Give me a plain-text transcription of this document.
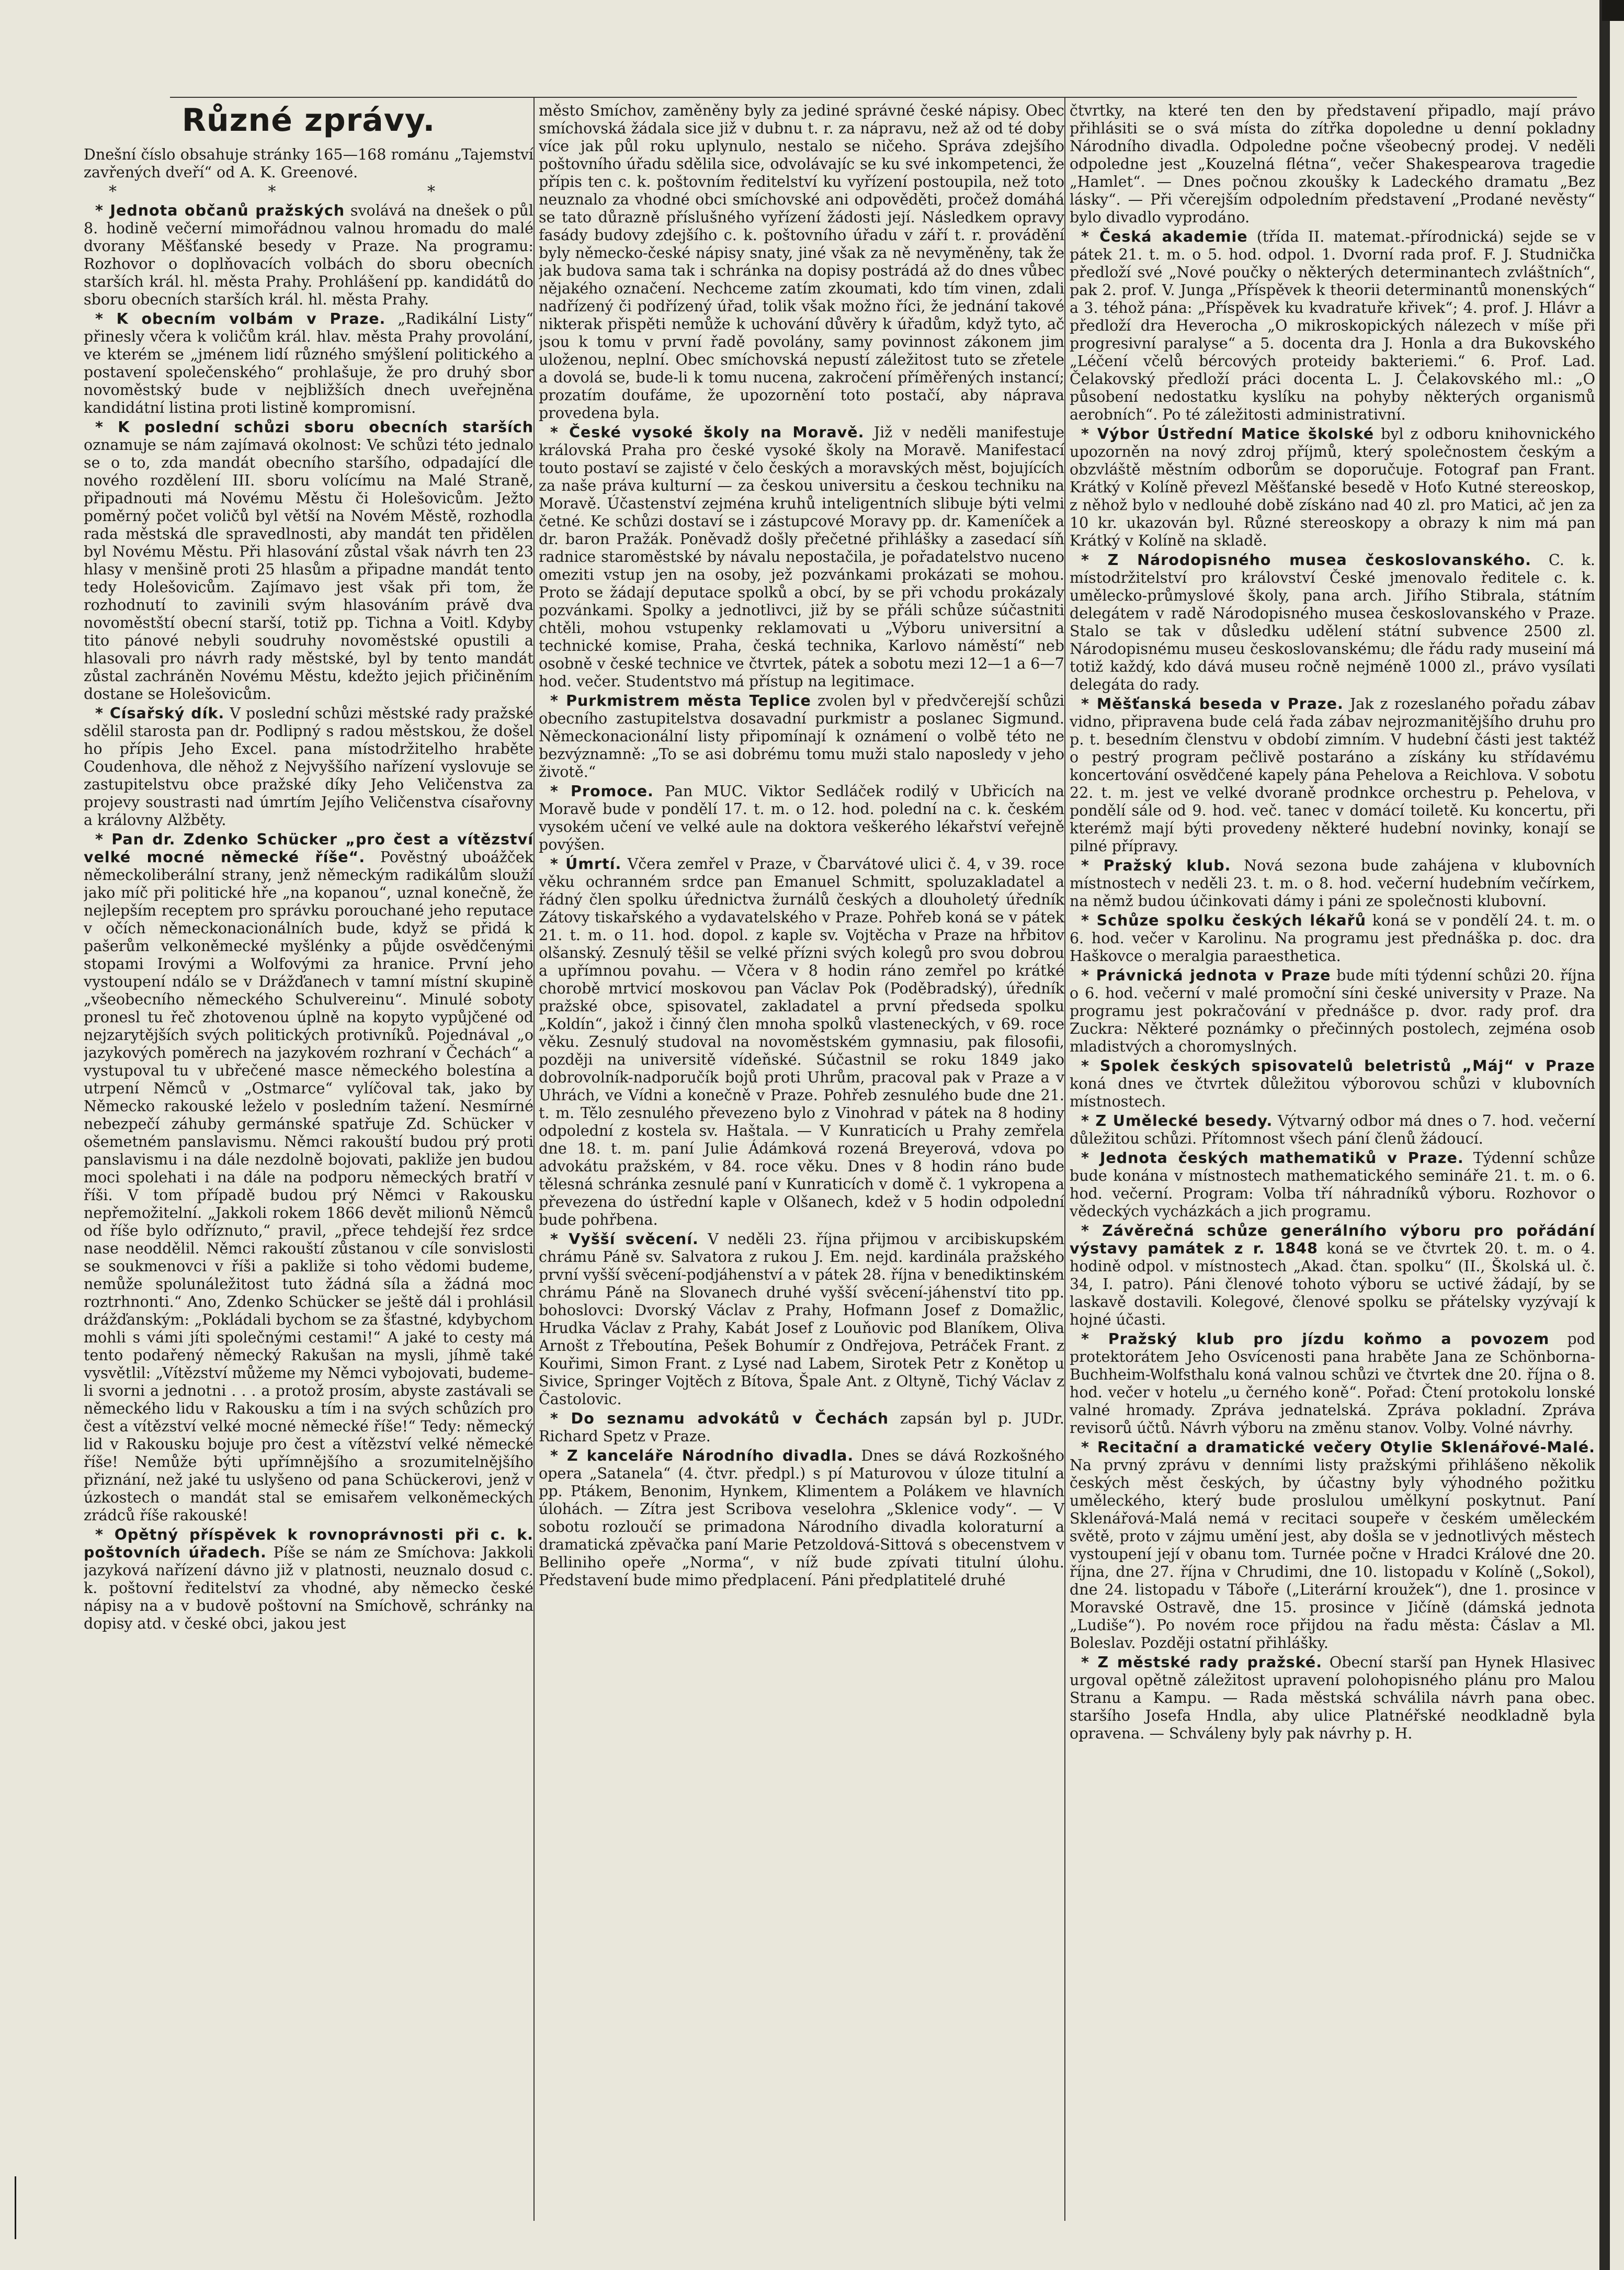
Různé zprávy.

Dnešní číslo obsahuje stránky 165—168 románu „Tajemství zavřených dveří“ od A. K. Greenové.

* * *

* Jednota občanů pražských svolává na dnešek o půl 8. hodině večerní mimořádnou valnou hromadu do malé dvorany Měšťanské besedy v Praze. Na programu: Rozhovor o doplňovacích volbách do sboru obecních starších král. hl. města Prahy. Prohlášení pp. kandidátů do sboru obecních starších král. hl. města Prahy.

* K obecním volbám v Praze. „Radikální Listy“ přinesly včera k voličům král. hlav. města Prahy provolání, ve kterém se „jménem lidí různého smýšlení politického a postavení společenského“ prohlašuje, že pro druhý sbor novoměstský bude v nejbližších dnech uveřejněna kandidátní listina proti listině kompromisní.

* K poslední schůzi sboru obecních starších oznamuje se nám zajímavá okolnost: Ve schůzi této jednalo se o to, zda mandát obecního staršího, odpadající dle nového rozdělení III. sboru volícímu na Malé Straně, připadnouti má Novému Městu či Holešovicům. Ježto poměrný počet voličů byl větší na Novém Městě, rozhodla rada městská dle spravedlnosti, aby mandát ten přidělen byl Novému Městu. Při hlasování zůstal však návrh ten 23 hlasy v menšině proti 25 hlasům a připadne mandát tento tedy Holešovicům. Zajímavo jest však při tom, že rozhodnutí to zavinili svým hlasováním právě dva novoměstští obecní starší, totiž pp. Tichna a Voitl. Kdyby tito pánové nebyli soudruhy novoměstské opustili a hlasovali pro návrh rady městské, byl by tento mandát zůstal zachráněn Novému Městu, kdežto jejich přičiněním dostane se Holešovicům.

* Císařský dík. V poslední schůzi městské rady pražské sdělil starosta pan dr. Podlipný s radou městskou, že došel ho přípis Jeho Excel. pana místodržitelho hraběte Coudenhova, dle něhož z Nejvyššího nařízení vyslovuje se zastupitelstvu obce pražské díky Jeho Veličenstva za projevy soustrasti nad úmrtím Jejího Veličenstva císařovny a královny Alžběty.

* Pan dr. Zdenko Schücker „pro čest a vítězství velké mocné německé říše“. Pověstný uboážček německoliberální strany, jenž německým radikálům slouží jako míč při politické hře „na kopanou“, uznal konečně, že nejlepším receptem pro správku porouchané jeho reputace v očích německonacionálních bude, když se přidá k pašerům velkoněmecké myšlénky a půjde osvědčenými stopami Irovými a Wolfovými za hranice. První jeho vystoupení ndálo se v Drážďanech v tamní místní skupině „všeobecního německého Schulvereinu“. Minulé soboty pronesl tu řeč zhotovenou úplně na kopyto vypůjčené od nejzarytějších svých politických protivníků. Pojednával „o jazykových poměrech na jazykovém rozhraní v Čechách“ a vystupoval tu v ubřečené masce německého bolestína a utrpení Němců v „Ostmarce“ vylíčoval tak, jako by Německo rakouské leželo v posledním tažení. Nesmírné nebezpečí záhuby germánské spatřuje Zd. Schücker v ošemetném panslavismu. Němci rakouští budou prý proti panslavismu i na dále nezdolně bojovati, pakliže jen budou moci spolehati i na dále na podporu německých bratří v říši. V tom případě budou prý Němci v Rakousku nepřemožitelní. „Jakkoli rokem 1866 devět milionů Němců od říše bylo odříznuto,“ pravil, „přece tehdejší řez srdce nase neoddělil. Němci rakouští zůstanou v cíle sonvislosti se soukmenovci v říši a pakliže si toho vědomi budeme, nemůže spolunáležitost tuto žádná síla a žádná moc roztrhnonti.“ Ano, Zdenko Schücker se ještě dál i prohlásil drážďanským: „Pokládali bychom se za šťastné, kdybychom mohli s vámi jíti společnými cestami!“ A jaké to cesty má tento podařený německý Rakušan na mysli, jíhmě také vysvětlil: „Vítězství můžeme my Němci vybojovati, budeme-li svorni a jednotni . . . a protož prosím, abyste zastávali se německého lidu v Rakousku a tím i na svých schůzích pro čest a vítězství velké mocné německé říše!“ Tedy: německý lid v Rakousku bojuje pro čest a vítězství velké německé říše! Nemůže býti upřímnějšího a srozumitelnějšího přiznání, než jaké tu uslyšeno od pana Schückerovi, jenž v úzkostech o mandát stal se emisařem velkoněmeckých zrádců říše rakouské!

* Opětný příspěvek k rovnoprávnosti při c. k. poštovních úřadech. Píše se nám ze Smíchova: Jakkoli jazyková nařízení dávno již v platnosti, neuznalo dosud c. k. poštovní ředitelství za vhodné, aby německo české nápisy na a v budově poštovní na Smíchově, schránky na dopisy atd. v české obci, jakou jest

město Smíchov, zaměněny byly za jediné správné české nápisy. Obec smíchovská žádala sice již v dubnu t. r. za nápravu, než až od té doby více jak půl roku uplynulo, nestalo se ničeho. Správa zdejšího poštovního úřadu sdělila sice, odvolávajíc se ku své inkompetenci, že přípis ten c. k. poštovním ředitelství ku vyřízení postoupila, než toto neuznalo za vhodné obci smíchovské ani odpověděti, pročež domáhá se tato důrazně příslušného vyřízení žádosti její. Následkem opravy fasády budovy zdejšího c. k. poštovního úřadu v září t. r. provádění byly německo-české nápisy snaty, jiné však za ně nevyměněny, tak že jak budova sama tak i schránka na dopisy postrádá až do dnes vůbec nějakého označení. Nechceme zatím zkoumati, kdo tím vinen, zdali nadřízený či podřízený úřad, tolik však možno říci, že jednání takové nikterak přispěti nemůže k uchování důvěry k úřadům, když tyto, ač jsou k tomu v první řadě povolány, samy povinnost zákonem jim uloženou, neplní. Obec smíchovská nepustí záležitost tuto se zřetele a dovolá se, bude-li k tomu nucena, zakročení příměřených instancí; prozatím doufáme, že upozornění toto postačí, aby náprava provedena byla.

* České vysoké školy na Moravě. Již v neděli manifestuje královská Praha pro české vysoké školy na Moravě. Manifestací touto postaví se zajisté v čelo českých a moravských měst, bojujících za naše práva kulturní — za českou universitu a českou techniku na Moravě. Účastenství zejména kruhů inteligentních slibuje býti velmi četné. Ke schůzi dostaví se i zástupcové Moravy pp. dr. Kameníček a dr. baron Pražák. Poněvadž došly přečetné přihlášky a zasedací síň radnice staroměstské by návalu nepostačila, je pořadatelstvo nuceno omeziti vstup jen na osoby, jež pozvánkami prokázati se mohou. Proto se žádají deputace spolků a obcí, by se při vchodu prokázaly pozvánkami. Spolky a jednotlivci, již by se přáli schůze súčastniti chtěli, mohou vstupenky reklamovati u „Výboru universitní a technické komise, Praha, česká technika, Karlovo náměstí“ neb osobně v české technice ve čtvrtek, pátek a sobotu mezi 12—1 a 6—7 hod. večer. Studentstvo má přístup na legitimace.

* Purkmistrem města Teplice zvolen byl v předvčerejší schůzi obecního zastupitelstva dosavadní purkmistr a poslanec Sigmund. Německonacionální listy připomínají k oznámení o volbě této ne bezvýznamně: „To se asi dobrému tomu muži stalo naposledy v jeho životě.“

* Promoce. Pan MUC. Viktor Sedláček rodilý v Ubřicích na Moravě bude v pondělí 17. t. m. o 12. hod. polední na c. k. českém vysokém učení ve velké aule na doktora veškerého lékařství veřejně povýšen.

* Úmrtí. Včera zemřel v Praze, v Čbarvátové ulici č. 4, v 39. roce věku ochranném srdce pan Emanuel Schmitt, spoluzakladatel a řádný člen spolku úřednictva žurnálů českých a dlouholetý úředník Zátovy tiskařského a vydavatelského v Praze. Pohřeb koná se v pátek 21. t. m. o 11. hod. dopol. z kaple sv. Vojtěcha v Praze na hřbitov olšanský. Zesnulý těšil se velké přízni svých kolegů pro svou dobrou a upřímnou povahu. — Včera v 8 hodin ráno zemřel po krátké chorobě mrtvicí moskovou pan Václav Pok (Poděbradský), úředník pražské obce, spisovatel, zakladatel a první předseda spolku „Koldín“, jakož i činný člen mnoha spolků vlasteneckých, v 69. roce věku. Zesnulý studoval na novoměstském gymnasiu, pak filosofii, později na universitě vídeňské. Súčastnil se roku 1849 jako dobrovolník-nadporučík bojů proti Uhrům, pracoval pak v Praze a v Uhrách, ve Vídni a konečně v Praze. Pohřeb zesnulého bude dne 21. t. m. Tělo zesnulého převezeno bylo z Vinohrad v pátek na 8 hodiny odpolední z kostela sv. Haštala. — V Kunraticích u Prahy zemřela dne 18. t. m. paní Julie Ádámková rozená Breyerová, vdova po advokátu pražském, v 84. roce věku. Dnes v 8 hodin ráno bude tělesná schránka zesnulé paní v Kunraticích v domě č. 1 vykropena a převezena do ústřední kaple v Olšanech, kdež v 5 hodin odpolední bude pohřbena.

* Vyšší svěcení. V neděli 23. října přijmou v arcibiskupském chrámu Páně sv. Salvatora z rukou J. Em. nejd. kardinála pražského první vyšší svěcení-podjáhenství a v pátek 28. října v benediktinském chrámu Páně na Slovanech druhé vyšší svěcení-jáhenství tito pp. bohoslovci: Dvorský Václav z Prahy, Hofmann Josef z Domažlic, Hrudka Václav z Prahy, Kabát Josef z Louňovic pod Blaníkem, Oliva Arnošt z Třeboutína, Pešek Bohumír z Ondřejova, Petráček Frant. z Kouřimi, Simon Frant. z Lysé nad Labem, Sirotek Petr z Konětop u Sivice, Springer Vojtěch z Bítova, Špale Ant. z Oltyně, Tichý Václav z Častolovic.

* Do seznamu advokátů v Čechách zapsán byl p. JUDr. Richard Spetz v Praze.

* Z kanceláře Národního divadla. Dnes se dává Rozkošného opera „Satanela“ (4. čtvr. předpl.) s pí Maturovou v úloze titulní a pp. Ptákem, Benonim, Hynkem, Klimentem a Polákem ve hlavních úlohách. — Zítra jest Scribova veselohra „Sklenice vody“. — V sobotu rozloučí se primadona Národního divadla koloraturní a dramatická zpěvačka paní Marie Petzoldová-Sittová s obecenstvem v Belliniho opeře „Norma“, v níž bude zpívati titulní úlohu. Představení bude mimo předplacení. Páni předplatitelé druhé

čtvrtky, na které ten den by představení připadlo, mají právo přihlásiti se o svá místa do zítřka dopoledne u denní pokladny Národního divadla. Odpoledne počne všeobecný prodej. V neděli odpoledne jest „Kouzelná flétna“, večer Shakespearova tragedie „Hamlet“. — Dnes počnou zkoušky k Ladeckého dramatu „Bez lásky“. — Při včerejším odpoledním představení „Prodané nevěsty“ bylo divadlo vyprodáno.

* Česká akademie (třída II. matemat.-přírodnická) sejde se v pátek 21. t. m. o 5. hod. odpol. 1. Dvorní rada prof. F. J. Studnička předloží své „Nové poučky o některých determinantech zvláštních“, pak 2. prof. V. Junga „Příspěvek k theorii determinantů monenských“ a 3. téhož pána: „Příspěvek ku kvadratuře křivek“; 4. prof. J. Hlávr a předloží dra Heverocha „O mikroskopických nálezech v míše při progresivní paralyse“ a 5. docenta dra J. Honla a dra Bukovského „Léčení včelů bércových proteidy bakteriemi.“ 6. Prof. Lad. Čelakovský předloží práci docenta L. J. Čelakovského ml.: „O působení nedostatku kyslíku na pohyby některých organismů aerobních“. Po té záležitosti administrativní.

* Výbor Ústřední Matice školské byl z odboru knihovnického upozorněn na nový zdroj příjmů, který společnostem českým a obzvláště městním odborům se doporučuje. Fotograf pan Frant. Krátký v Kolíně převezl Měšťanské besedě v Hoťo Kutné stereoskop, z něhož bylo v nedlouhé době získáno nad 40 zl. pro Matici, ač jen za 10 kr. ukazován byl. Různé stereoskopy a obrazy k nim má pan Krátký v Kolíně na skladě.

* Z Národopisného musea českoslovanského. C. k. místodržitelství pro království České jmenovalo ředitele c. k. umělecko-průmyslové školy, pana arch. Jiřího Stibrala, státním delegátem v radě Národopisného musea českoslovanského v Praze. Stalo se tak v důsledku udělení státní subvence 2500 zl. Národopisnému museu českoslovanskému; dle řádu rady museiní má totiž každý, kdo dává museu ročně nejméně 1000 zl., právo vysílati delegáta do rady.

* Měšťanská beseda v Praze. Jak z rozeslaného pořadu zábav vidno, připravena bude celá řada zábav nejrozmanitějšího druhu pro p. t. besedním členstvu v období zimním. V hudební části jest taktéž o pestrý program pečlivě postaráno a získány ku střídavému koncertování osvědčené kapely pána Pehelova a Reichlova. V sobotu 22. t. m. jest ve velké dvoraně prodnkce orchestru p. Pehelova, v pondělí sále od 9. hod. več. tanec v domácí toiletě. Ku koncertu, při kterémž mají býti provedeny některé hudební novinky, konají se pilné přípravy.

* Pražský klub. Nová sezona bude zahájena v klubovních místnostech v neděli 23. t. m. o 8. hod. večerní hudebním večírkem, na němž budou účinkovati dámy i páni ze společnosti klubovní.

* Schůze spolku českých lékařů koná se v pondělí 24. t. m. o 6. hod. večer v Karolinu. Na programu jest přednáška p. doc. dra Haškovce o meralgia paraesthetica.

* Právnická jednota v Praze bude míti týdenní schůzi 20. října o 6. hod. večerní v malé promoční síni české university v Praze. Na programu jest pokračování v přednášce p. dvor. rady prof. dra Zuckra: Některé poznámky o přečinných postolech, zejména osob mladistvých a choromyslných.

* Spolek českých spisovatelů beletristů „Máj“ v Praze koná dnes ve čtvrtek důležitou výborovou schůzi v klubovních místnostech.

* Z Umělecké besedy. Výtvarný odbor má dnes o 7. hod. večerní důležitou schůzi. Přítomnost všech pání členů žádoucí.

* Jednota českých mathematiků v Praze. Týdenní schůze bude konána v místnostech mathematického semináře 21. t. m. o 6. hod. večerní. Program: Volba tří náhradníků výboru. Rozhovor o vědeckých vycházkách a jich programu.

* Závěrečná schůze generálního výboru pro pořádání výstavy památek z r. 1848 koná se ve čtvrtek 20. t. m. o 4. hodině odpol. v místnostech „Akad. čtan. spolku“ (II., Školská ul. č. 34, I. patro). Páni členové tohoto výboru se uctivé žádají, by se laskavě dostavili. Kolegové, členové spolku se přátelsky vyzývají k hojné účasti.

* Pražský klub pro jízdu koňmo a povozem pod protektorátem Jeho Osvícenosti pana hraběte Jana ze Schönborna-Buchheim-Wolfsthalu koná valnou schůzi ve čtvrtek dne 20. října o 8. hod. večer v hotelu „u černého koně“. Pořad: Čtení protokolu lonské valné hromady. Zpráva jednatelská. Zpráva pokladní. Zpráva revisorů účtů. Návrh výboru na změnu stanov. Volby. Volné návrhy.

* Recitační a dramatické večery Otylie Sklenářové-Malé. Na prvný zprávu v denními listy pražskými přihlášeno několik českých měst českých, by účastny byly výhodného požitku uměleckého, který bude proslulou umělkyní poskytnut. Paní Sklenářová-Malá nemá v recitaci soupeře v českém uměleckém světě, proto v zájmu umění jest, aby došla se v jednotlivých městech vystoupení její v obanu tom. Turnée počne v Hradci Králové dne 20. října, dne 27. října v Chrudimi, dne 10. listopadu v Kolíně („Sokol), dne 24. listopadu v Táboře („Literární kroužek“), dne 1. prosince v Moravské Ostravě, dne 15. prosince v Jičíně (dámská jednota „Ludiše“). Po novém roce přijdou na řadu města: Čáslav a Ml. Boleslav. Později ostatní přihlášky.

* Z městské rady pražské. Obecní starší pan Hynek Hlasivec urgoval opětně záležitost upravení polohopisného plánu pro Malou Stranu a Kampu. — Rada městská schválila návrh pana obec. staršího Josefa Hndla, aby ulice Platnéřské neodkladně byla opravena. — Schváleny byly pak návrhy p. H.
